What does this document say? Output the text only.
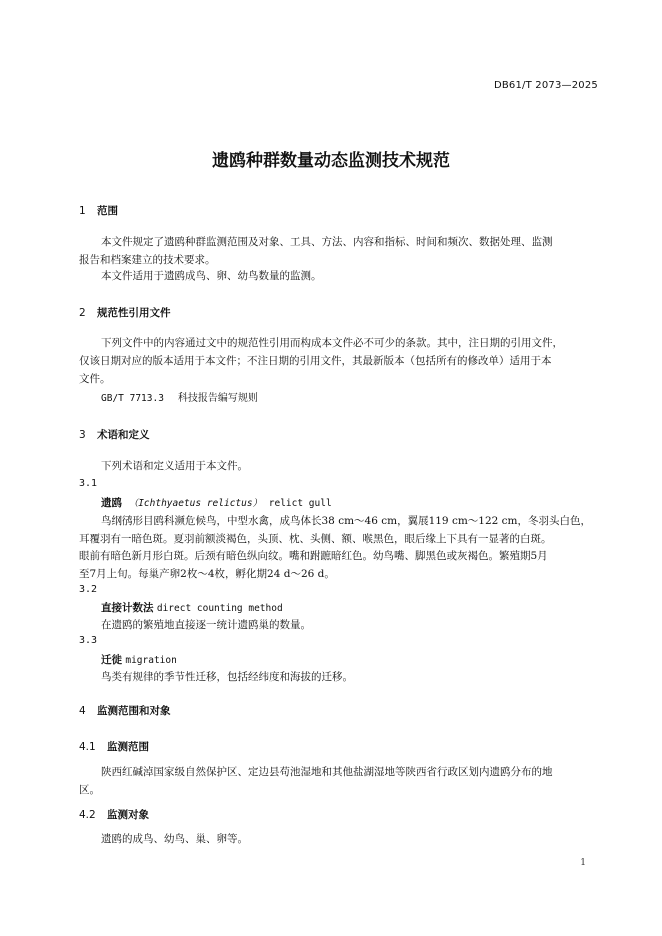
DB61/T 2073—2025
遗鸥种群数量动态监测技术规范
1 范围
本文件规定了遗鸥种群监测范围及对象、工具、方法、内容和指标、时间和频次、数据处理、监测
报告和档案建立的技术要求。
本文件适用于遗鸥成鸟、卵、幼鸟数量的监测。
2 规范性引用文件
下列文件中的内容通过文中的规范性引用而构成本文件必不可少的条款。其中，注日期的引用文件，
仅该日期对应的版本适用于本文件；不注日期的引用文件，其最新版本（包括所有的修改单）适用于本
文件。
GB/T 7713.3 科技报告编写规则
3 术语和定义
下列术语和定义适用于本文件。
3.1
遗鸥 （Ichthyaetus relictus） relict gull
鸟纲鸻形目鸥科濒危候鸟，中型水禽，成鸟体长38 cm～46 cm，翼展119 cm～122 cm，冬羽头白色，
耳覆羽有一暗色斑。夏羽前额淡褐色，头顶、枕、头侧、额、喉黑色，眼后缘上下具有一显著的白斑。
眼前有暗色新月形白斑。后颈有暗色纵向纹。嘴和跗蹠暗红色。幼鸟嘴、脚黑色或灰褐色。繁殖期5月
至7月上旬。每巢产卵2枚～4枚，孵化期24 d～26 d。
3.2
直接计数法 direct counting method
在遗鸥的繁殖地直接逐一统计遗鸥巢的数量。
3.3
迁徙 migration
鸟类有规律的季节性迁移，包括经纬度和海拔的迁移。
4 监测范围和对象
4.1 监测范围
陕西红碱淖国家级自然保护区、定边县苟池湿地和其他盐湖湿地等陕西省行政区划内遗鸥分布的地
区。
4.2 监测对象
遗鸥的成鸟、幼鸟、巢、卵等。
1
